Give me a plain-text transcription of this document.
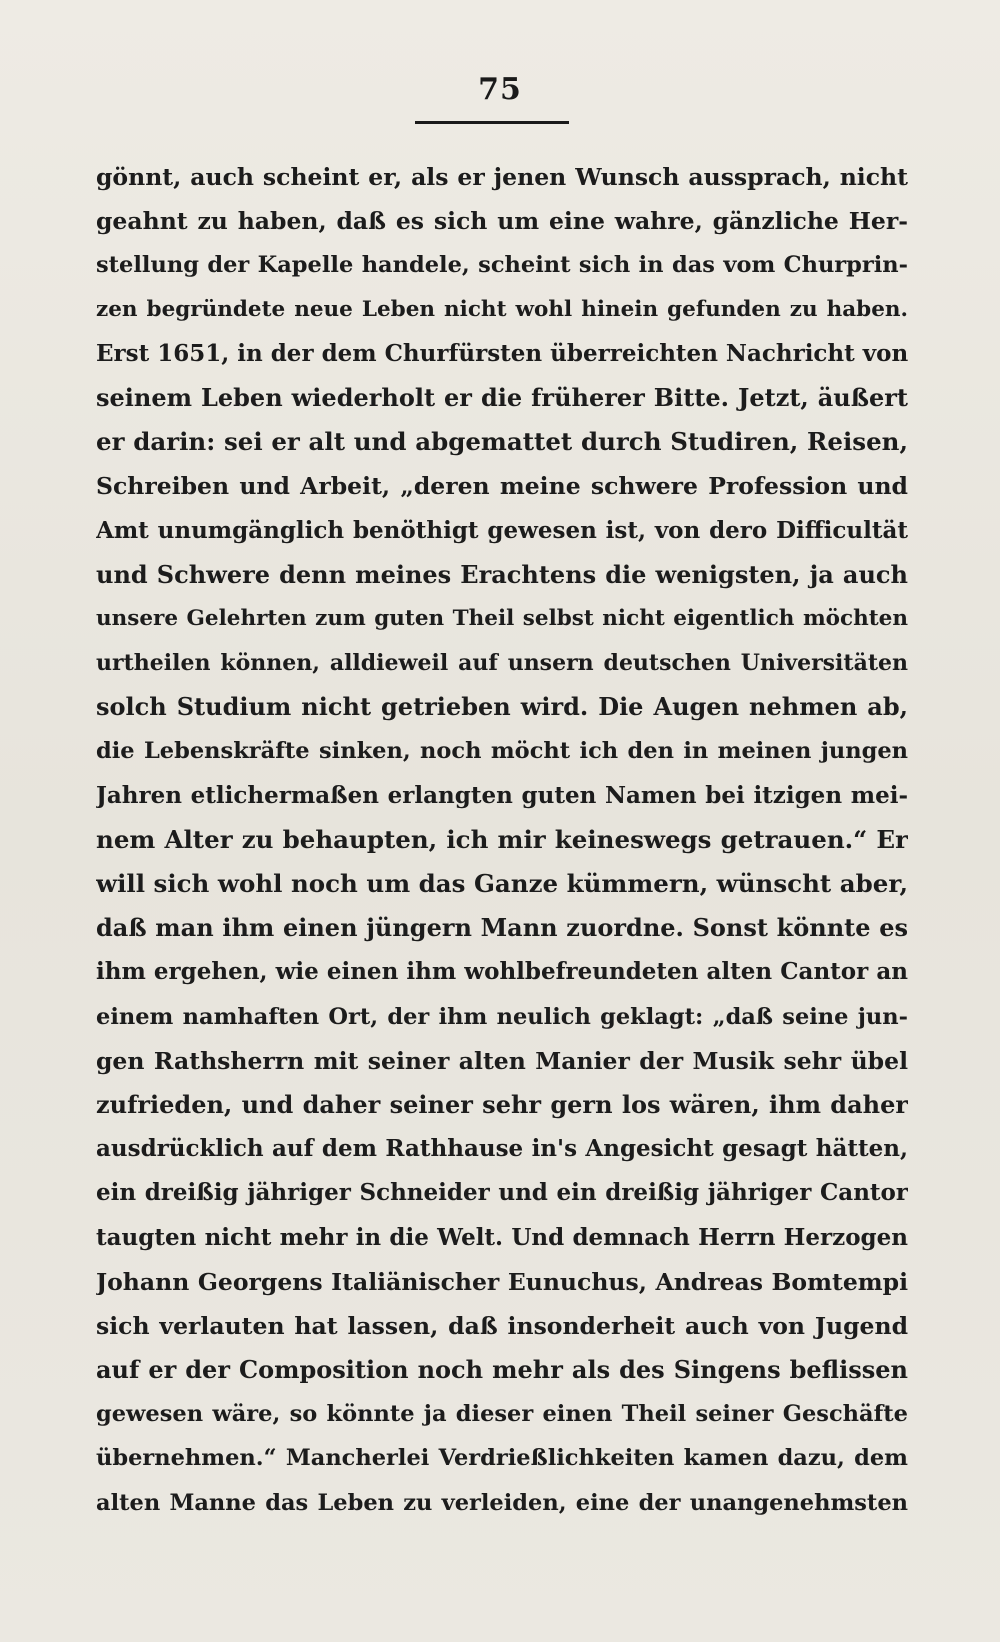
75
gönnt, auch scheint er, als er jenen Wunsch aussprach, nicht
geahnt zu haben, daß es sich um eine wahre, gänzliche Her-
stellung der Kapelle handele, scheint sich in das vom Churprin-
zen begründete neue Leben nicht wohl hinein gefunden zu haben.
Erst 1651, in der dem Churfürsten überreichten Nachricht von
seinem Leben wiederholt er die früherer Bitte. Jetzt, äußert
er darin: sei er alt und abgemattet durch Studiren, Reisen,
Schreiben und Arbeit, „deren meine schwere Profession und
Amt unumgänglich benöthigt gewesen ist, von dero Difficultät
und Schwere denn meines Erachtens die wenigsten, ja auch
unsere Gelehrten zum guten Theil selbst nicht eigentlich möchten
urtheilen können, alldieweil auf unsern deutschen Universitäten
solch Studium nicht getrieben wird. Die Augen nehmen ab,
die Lebenskräfte sinken, noch möcht ich den in meinen jungen
Jahren etlichermaßen erlangten guten Namen bei itzigen mei-
nem Alter zu behaupten, ich mir keineswegs getrauen.“ Er
will sich wohl noch um das Ganze kümmern, wünscht aber,
daß man ihm einen jüngern Mann zuordne. Sonst könnte es
ihm ergehen, wie einen ihm wohlbefreundeten alten Cantor an
einem namhaften Ort, der ihm neulich geklagt: „daß seine jun-
gen Rathsherrn mit seiner alten Manier der Musik sehr übel
zufrieden, und daher seiner sehr gern los wären, ihm daher
ausdrücklich auf dem Rathhause in's Angesicht gesagt hätten,
ein dreißig jähriger Schneider und ein dreißig jähriger Cantor
taugten nicht mehr in die Welt. Und demnach Herrn Herzogen
Johann Georgens Italiänischer Eunuchus, Andreas Bomtempi
sich verlauten hat lassen, daß insonderheit auch von Jugend
auf er der Composition noch mehr als des Singens beflissen
gewesen wäre, so könnte ja dieser einen Theil seiner Geschäfte
übernehmen.“ Mancherlei Verdrießlichkeiten kamen dazu, dem
alten Manne das Leben zu verleiden, eine der unangenehmsten
